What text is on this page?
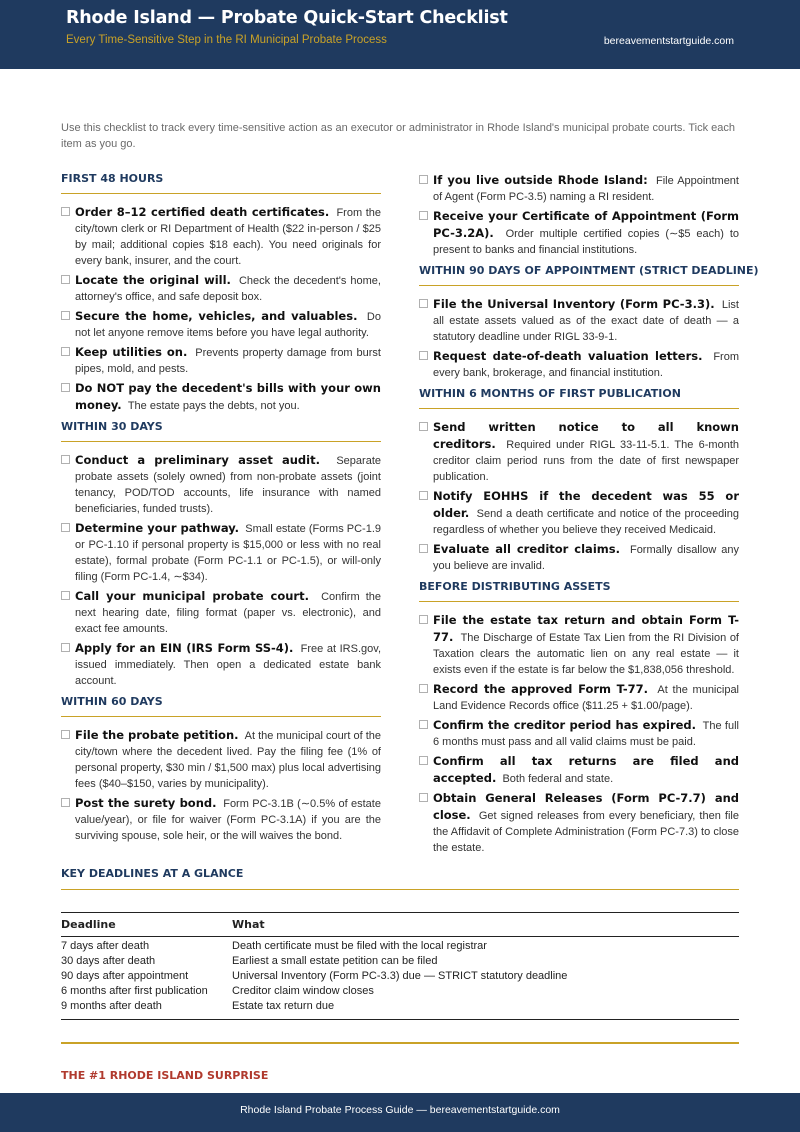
Rhode Island — Probate Quick-Start Checklist
Every Time-Sensitive Step in the RI Municipal Probate Process	bereavementstartguide.com

Use this checklist to track every time-sensitive action as an executor or administrator in Rhode Island's municipal probate courts. Tick each item as you go.

FIRST 48 HOURS
Order 8–12 certified death certificates. From the city/town clerk or RI Department of Health ($22 in-person / $25 by mail; additional copies $18 each). You need originals for every bank, insurer, and the court.
Locate the original will. Check the decedent's home, attorney's office, and safe deposit box.
Secure the home, vehicles, and valuables. Do not let anyone remove items before you have legal authority.
Keep utilities on. Prevents property damage from burst pipes, mold, and pests.
Do NOT pay the decedent's bills with your own money. The estate pays the debts, not you.
WITHIN 30 DAYS
Conduct a preliminary asset audit. Separate probate assets (solely owned) from non-probate assets (joint tenancy, POD/TOD accounts, life insurance with named beneficiaries, funded trusts).
Determine your pathway. Small estate (Forms PC-1.9 or PC-1.10 if personal property is $15,000 or less with no real estate), formal probate (Form PC-1.1 or PC-1.5), or will-only filing (Form PC-1.4, ∼$34).
Call your municipal probate court. Confirm the next hearing date, filing format (paper vs. electronic), and exact fee amounts.
Apply for an EIN (IRS Form SS-4). Free at IRS.gov, issued immediately. Then open a dedicated estate bank account.
WITHIN 60 DAYS
File the probate petition. At the municipal court of the city/town where the decedent lived. Pay the filing fee (1% of personal property, $30 min / $1,500 max) plus local advertising fees ($40–$150, varies by municipality).
Post the surety bond. Form PC-3.1B (∼0.5% of estate value/year), or file for waiver (Form PC-3.1A) if you are the surviving spouse, sole heir, or the will waives the bond.
If you live outside Rhode Island: File Appointment of Agent (Form PC-3.5) naming a RI resident.
Receive your Certificate of Appointment (Form PC-3.2A). Order multiple certified copies (∼$5 each) to present to banks and financial institutions.
WITHIN 90 DAYS OF APPOINTMENT (STRICT DEADLINE)
File the Universal Inventory (Form PC-3.3). List all estate assets valued as of the exact date of death — a statutory deadline under RIGL 33-9-1.
Request date-of-death valuation letters. From every bank, brokerage, and financial institution.
WITHIN 6 MONTHS OF FIRST PUBLICATION
Send written notice to all known creditors. Required under RIGL 33-11-5.1. The 6-month creditor claim period runs from the date of first newspaper publication.
Notify EOHHS if the decedent was 55 or older. Send a death certificate and notice of the proceeding regardless of whether you believe they received Medicaid.
Evaluate all creditor claims. Formally disallow any you believe are invalid.
BEFORE DISTRIBUTING ASSETS
File the estate tax return and obtain Form T-77. The Discharge of Estate Tax Lien from the RI Division of Taxation clears the automatic lien on any real estate — it exists even if the estate is far below the $1,838,056 threshold.
Record the approved Form T-77. At the municipal Land Evidence Records office ($11.25 + $1.00/page).
Confirm the creditor period has expired. The full 6 months must pass and all valid claims must be paid.
Confirm all tax returns are filed and accepted. Both federal and state.
Obtain General Releases (Form PC-7.7) and close. Get signed releases from every beneficiary, then file the Affidavit of Complete Administration (Form PC-7.3) to close the estate.
KEY DEADLINES AT A GLANCE
Deadline	What
7 days after death	Death certificate must be filed with the local registrar
30 days after death	Earliest a small estate petition can be filed
90 days after appointment	Universal Inventory (Form PC-3.3) due — STRICT statutory deadline
6 months after first publication	Creditor claim window closes
9 months after death	Estate tax return due
THE #1 RHODE ISLAND SURPRISE
Rhode Island Probate Process Guide — bereavementstartguide.com
